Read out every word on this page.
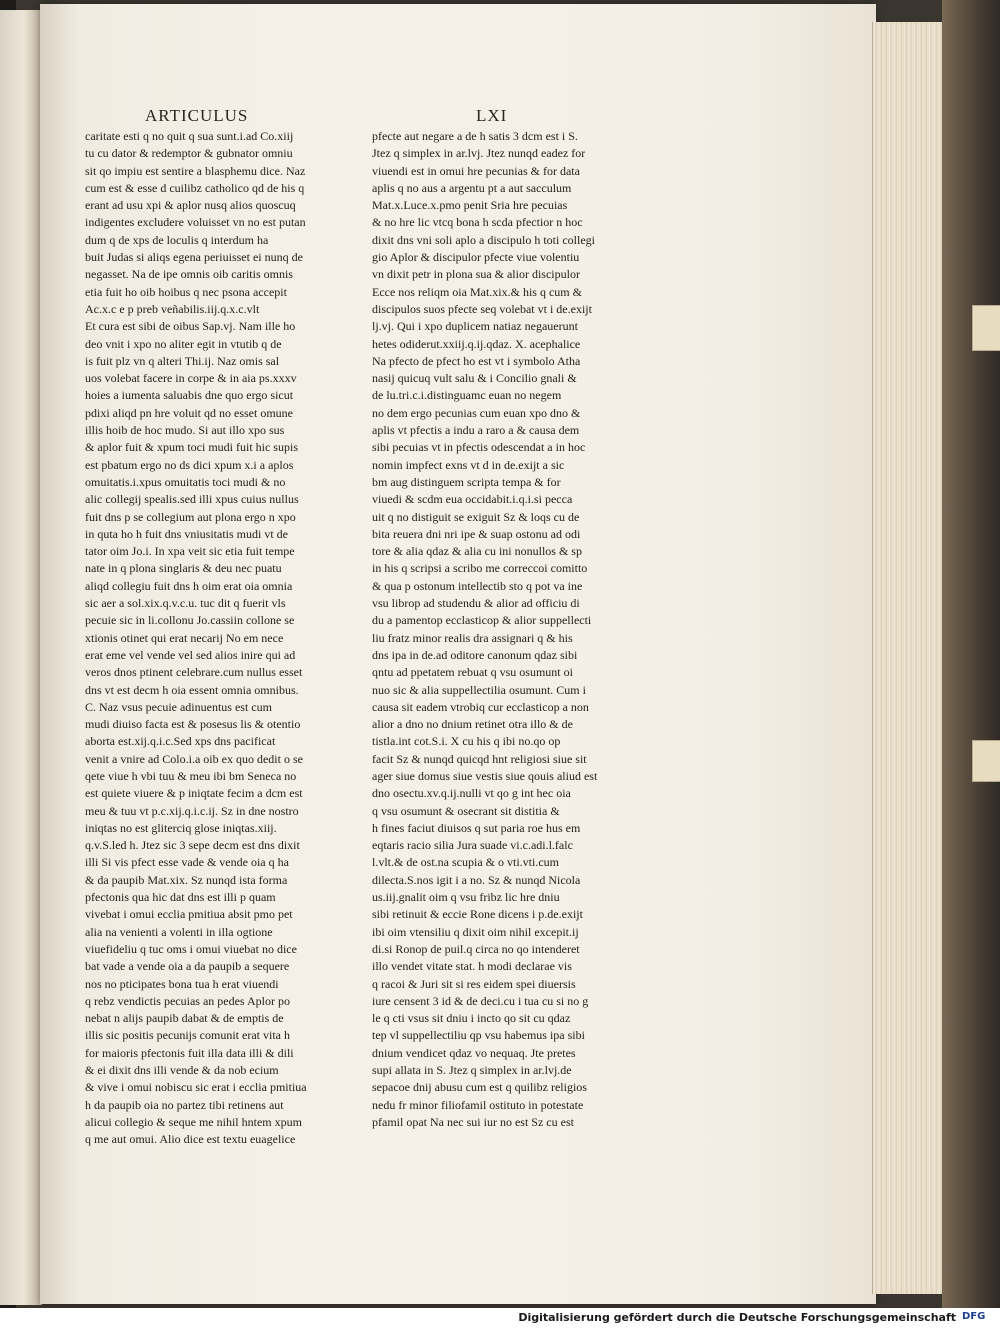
ARTICULUS	LXI
caritate esti q no quit q sua sunt.i.ad Co.xiij
tu cu dator & redemptor & gubnator omniu
sit qo impiu est sentire a blasphemu dice. Naz
cum est & esse d cuilibz catholico qd de his q
erant ad usu xpi & aplor nusq alios quoscuq
indigentes excludere voluisset vn no est putan
dum q de xps de loculis q interdum ha
buit Judas si aliqs egena periuisset ei nunq de
negasset. Na de ipe omnis oib caritis omnis
etia fuit ho oib hoibus q nec psona accepit
Ac.x.c e p preb veñabilis.iij.q.x.c.vlt
Et cura est sibi de oibus Sap.vj. Nam ille ho
deo vnit i xpo no aliter egit in vtutib q de
is fuit plz vn q alteri Thi.ij. Naz omis sal
uos volebat facere in corpe & in aia ps.xxxv
hoies a iumenta saluabis dne quo ergo sicut
pdixi aliqd pn hre voluit qd no esset omune
illis hoib de hoc mudo. Si aut illo xpo sus
& aplor fuit & xpum toci mudi fuit hic supis
est pbatum ergo no ds dici xpum x.i a aplos
omuitatis.i.xpus omuitatis toci mudi & no
alic collegij spealis.sed illi xpus cuius nullus
fuit dns p se collegium aut plona ergo n xpo
in quta ho h fuit dns vniusitatis mudi vt de
tator oim Jo.i. In xpa veit sic etia fuit tempe
nate in q plona singlaris & deu nec puatu
aliqd collegiu fuit dns h oim erat oia omnia
sic aer a sol.xix.q.v.c.u. tuc dit q fuerit vls
pecuie sic in li.collonu Jo.cassiin collone se
xtionis otinet qui erat necarij No em nece
erat eme vel vende vel sed alios inire qui ad
veros dnos ptinent celebrare.cum nullus esset
dns vt est decm h oia essent omnia omnibus.
C. Naz vsus pecuie adinuentus est cum
mudi diuiso facta est & posesus lis & otentio
aborta est.xij.q.i.c.Sed xps dns pacificat
venit a vnire ad Colo.i.a oib ex quo dedit o se
qete viue h vbi tuu & meu ibi bm Seneca no
est quiete viuere & p iniqtate fecim a dcm est
meu & tuu vt p.c.xij.q.i.c.ij. Sz in dne nostro
iniqtas no est gliterciq glose iniqtas.xiij.
q.v.S.led h. Jtez sic 3 sepe decm est dns dixit
illi Si vis pfect esse vade & vende oia q ha
& da paupib Mat.xix. Sz nunqd ista forma
pfectonis qua hic dat dns est illi p quam
vivebat i omui ecclia pmitiua absit pmo pet
alia na venienti a volenti in illa ogtione
viuefideliu q tuc oms i omui viuebat no dice
bat vade a vende oia a da paupib a sequere
nos no pticipates bona tua h erat viuendi
q rebz vendictis pecuias an pedes Aplor po
nebat n alijs paupib dabat & de emptis de
illis sic positis pecunijs comunit erat vita h
for maioris pfectonis fuit illa data illi & dili
& ei dixit dns illi vende & da nob ecium
& vive i omui nobiscu sic erat i ecclia pmitiua
h da paupib oia no partez tibi retinens aut
alicui collegio & seque me nihil hntem xpum
q me aut omui. Alio dice est textu euagelice
pfecte aut negare a de h satis 3 dcm est i S.
Jtez q simplex in ar.lvj. Jtez nunqd eadez for
viuendi est in omui hre pecunias & for data
aplis q no aus a argentu pt a aut sacculum
Mat.x.Luce.x.pmo penit Sria hre pecuias
& no hre lic vtcq bona h scda pfectior n hoc
dixit dns vni soli aplo a discipulo h toti collegi
gio Aplor & discipulor pfecte viue volentiu
vn dixit petr in plona sua & alior discipulor
Ecce nos reliqm oia Mat.xix.& his q cum &
discipulos suos pfecte seq volebat vt i de.exijt
lj.vj. Qui i xpo duplicem natiaz negauerunt
hetes odiderut.xxiij.q.ij.qdaz. X. acephalice
Na pfecto de pfect ho est vt i symbolo Atha
nasij quicuq vult salu & i Concilio gnali &
de lu.tri.c.i.distinguamc euan no negem
no dem ergo pecunias cum euan xpo dno &
aplis vt pfectis a indu a raro a & causa dem
sibi pecuias vt in pfectis odescendat a in hoc
nomin impfect exns vt d in de.exijt a sic
bm aug distinguem scripta tempa & for
viuedi & scdm eua occidabit.i.q.i.si pecca
uit q no distiguit se exiguit Sz & loqs cu de
bita reuera dni nri ipe & suap ostonu ad odi
tore & alia qdaz & alia cu ini nonullos & sp
in his q scripsi a scribo me correccoi comitto
& qua p ostonum intellectib sto q pot va ine
vsu librop ad studendu & alior ad officiu di
du a pamentop ecclasticop & alior suppellecti
liu fratz minor realis dra assignari q & his
dns ipa in de.ad oditore canonum qdaz sibi
qntu ad ppetatem rebuat q vsu osumunt oi
nuo sic & alia suppellectilia osumunt. Cum i
causa sit eadem vtrobiq cur ecclasticop a non
alior a dno no dnium retinet otra illo & de
tistla.int cot.S.i. X cu his q ibi no.qo op
facit Sz & nunqd quicqd hnt religiosi siue sit
ager siue domus siue vestis siue qouis aliud est
dno osectu.xv.q.ij.nulli vt qo g int hec oia
q vsu osumunt & osecrant sit distitia &
h fines faciut diuisos q sut paria roe hus em
eqtaris racio silia Jura suade vi.c.adi.l.falc
l.vlt.& de ost.na scupia & o vti.vti.cum
dilecta.S.nos igit i a no. Sz & nunqd Nicola
us.iij.gnalit oim q vsu fribz lic hre dniu
sibi retinuit & eccie Rone dicens i p.de.exijt
ibi oim vtensiliu q dixit oim nihil excepit.ij
di.si Ronop de puil.q circa no qo intenderet
illo vendet vitate stat. h modi declarae vis
q racoi & Juri sit si res eidem spei diuersis
iure censent 3 id & de deci.cu i tua cu si no g
le q cti vsus sit dniu i incto qo sit cu qdaz
tep vl suppellectiliu qp vsu habemus ipa sibi
dnium vendicet qdaz vo nequaq. Jte pretes
supi allata in S. Jtez q simplex in ar.lvj.de
sepacoe dnij abusu cum est q quilibz religios
nedu fr minor filiofamil ostituto in potestate
pfamil opat Na nec sui iur no est Sz cu est
Digitalisierung gefördert durch die Deutsche Forschungsgemeinschaft DFG
